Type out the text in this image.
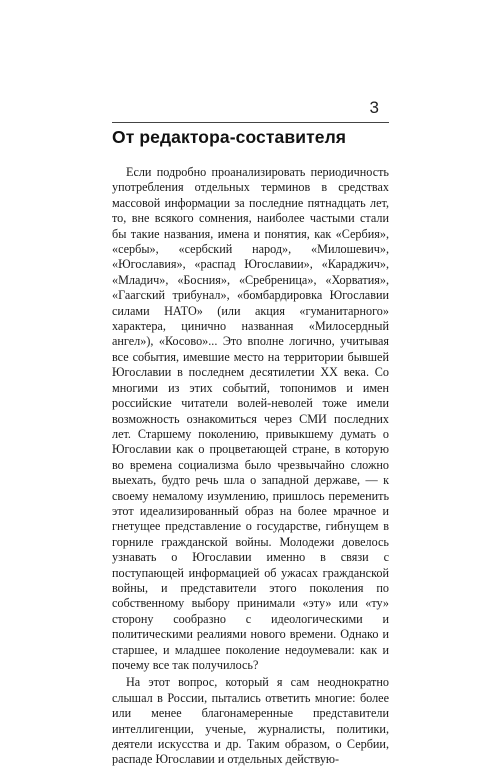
3
От редактора-составителя

Если подробно проанализировать периодичность употребления отдельных терминов в средствах массовой информации за последние пятнадцать лет, то, вне всякого сомнения, наиболее частыми стали бы такие названия, имена и понятия, как «Сербия», «сербы», «сербский народ», «Милошевич», «Югославия», «распад Югославии», «Караджич», «Младич», «Босния», «Сребреница», «Хорватия», «Гаагский трибунал», «бомбардировка Югославии силами НАТО» (или акция «гуманитарного» характера, цинично названная «Милосердный ангел»), «Косово»... Это вполне логично, учитывая все события, имевшие место на территории бывшей Югославии в последнем десятилетии XX века. Со многими из этих событий, топонимов и имен российские читатели волей-неволей тоже имели возможность ознакомиться через СМИ последних лет. Старшему поколению, привыкшему думать о Югославии как о процветающей стране, в которую во времена социализма было чрезвычайно сложно выехать, будто речь шла о западной державе, — к своему немалому изумлению, пришлось переменить этот идеализированный образ на более мрачное и гнетущее представление о государстве, гибнущем в горниле гражданской войны. Молодежи довелось узнавать о Югославии именно в связи с поступающей информацией об ужасах гражданской войны, и представители этого поколения по собственному выбору принимали «эту» или «ту» сторону сообразно с идеологическими и политическими реалиями нового времени. Однако и старшее, и младшее поколение недоумевали: как и почему все так получилось?

На этот вопрос, который я сам неоднократно слышал в России, пытались ответить многие: более или менее благонамеренные представители интеллигенции, ученые, журналисты, политики, деятели искусства и др. Таким образом, о Сербии, распаде Югославии и отдельных действую-
